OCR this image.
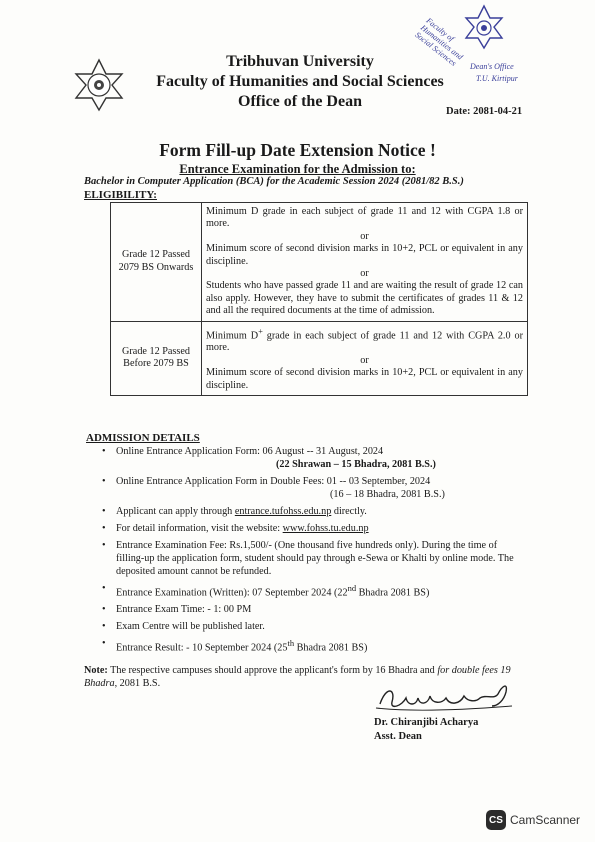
Faculty of Humanities and Social Sciences	Dean's Office
T.U. Kirtipur
Tribhuvan University
Faculty of Humanities and Social Sciences
Office of the Dean
Date: 2081-04-21
Form Fill-up Date Extension Notice !
Entrance Examination for the Admission to:
Bachelor in Computer Application (BCA) for the Academic Session 2024 (2081/82 B.S.)
ELIGIBILITY:
Grade 12 Passed 2079 BS Onwards	Minimum D grade in each subject of grade 11 and 12 with CGPA 1.8 or more.
or
Minimum score of second division marks in 10+2, PCL or equivalent in any discipline.
or
Students who have passed grade 11 and are waiting the result of grade 12 can also apply. However, they have to submit the certificates of grades 11 & 12 and all the required documents at the time of admission.

Grade 12 Passed Before 2079 BS	Minimum D+ grade in each subject of grade 11 and 12 with CGPA 2.0 or more.
or
Minimum score of second division marks in 10+2, PCL or equivalent in any discipline.
ADMISSION DETAILS
• Online Entrance Application Form: 06 August -- 31 August, 2024
(22 Shrawan – 15 Bhadra, 2081 B.S.)
• Online Entrance Application Form in Double Fees: 01 -- 03 September, 2024
(16 – 18 Bhadra, 2081 B.S.)
• Applicant can apply through entrance.tufohss.edu.np directly.
• For detail information, visit the website: www.fohss.tu.edu.np
• Entrance Examination Fee: Rs.1,500/- (One thousand five hundreds only). During the time of filling-up the application form, student should pay through e-Sewa or Khalti by online mode. The deposited amount cannot be refunded.
• Entrance Examination (Written): 07 September 2024 (22nd Bhadra 2081 BS)
• Entrance Exam Time: - 1: 00 PM
• Exam Centre will be published later.
• Entrance Result: - 10 September 2024 (25th Bhadra 2081 BS)
Note: The respective campuses should approve the applicant's form by 16 Bhadra and for double fees 19 Bhadra, 2081 B.S.
Dr. Chiranjibi Acharya
Asst. Dean
CS CamScanner
